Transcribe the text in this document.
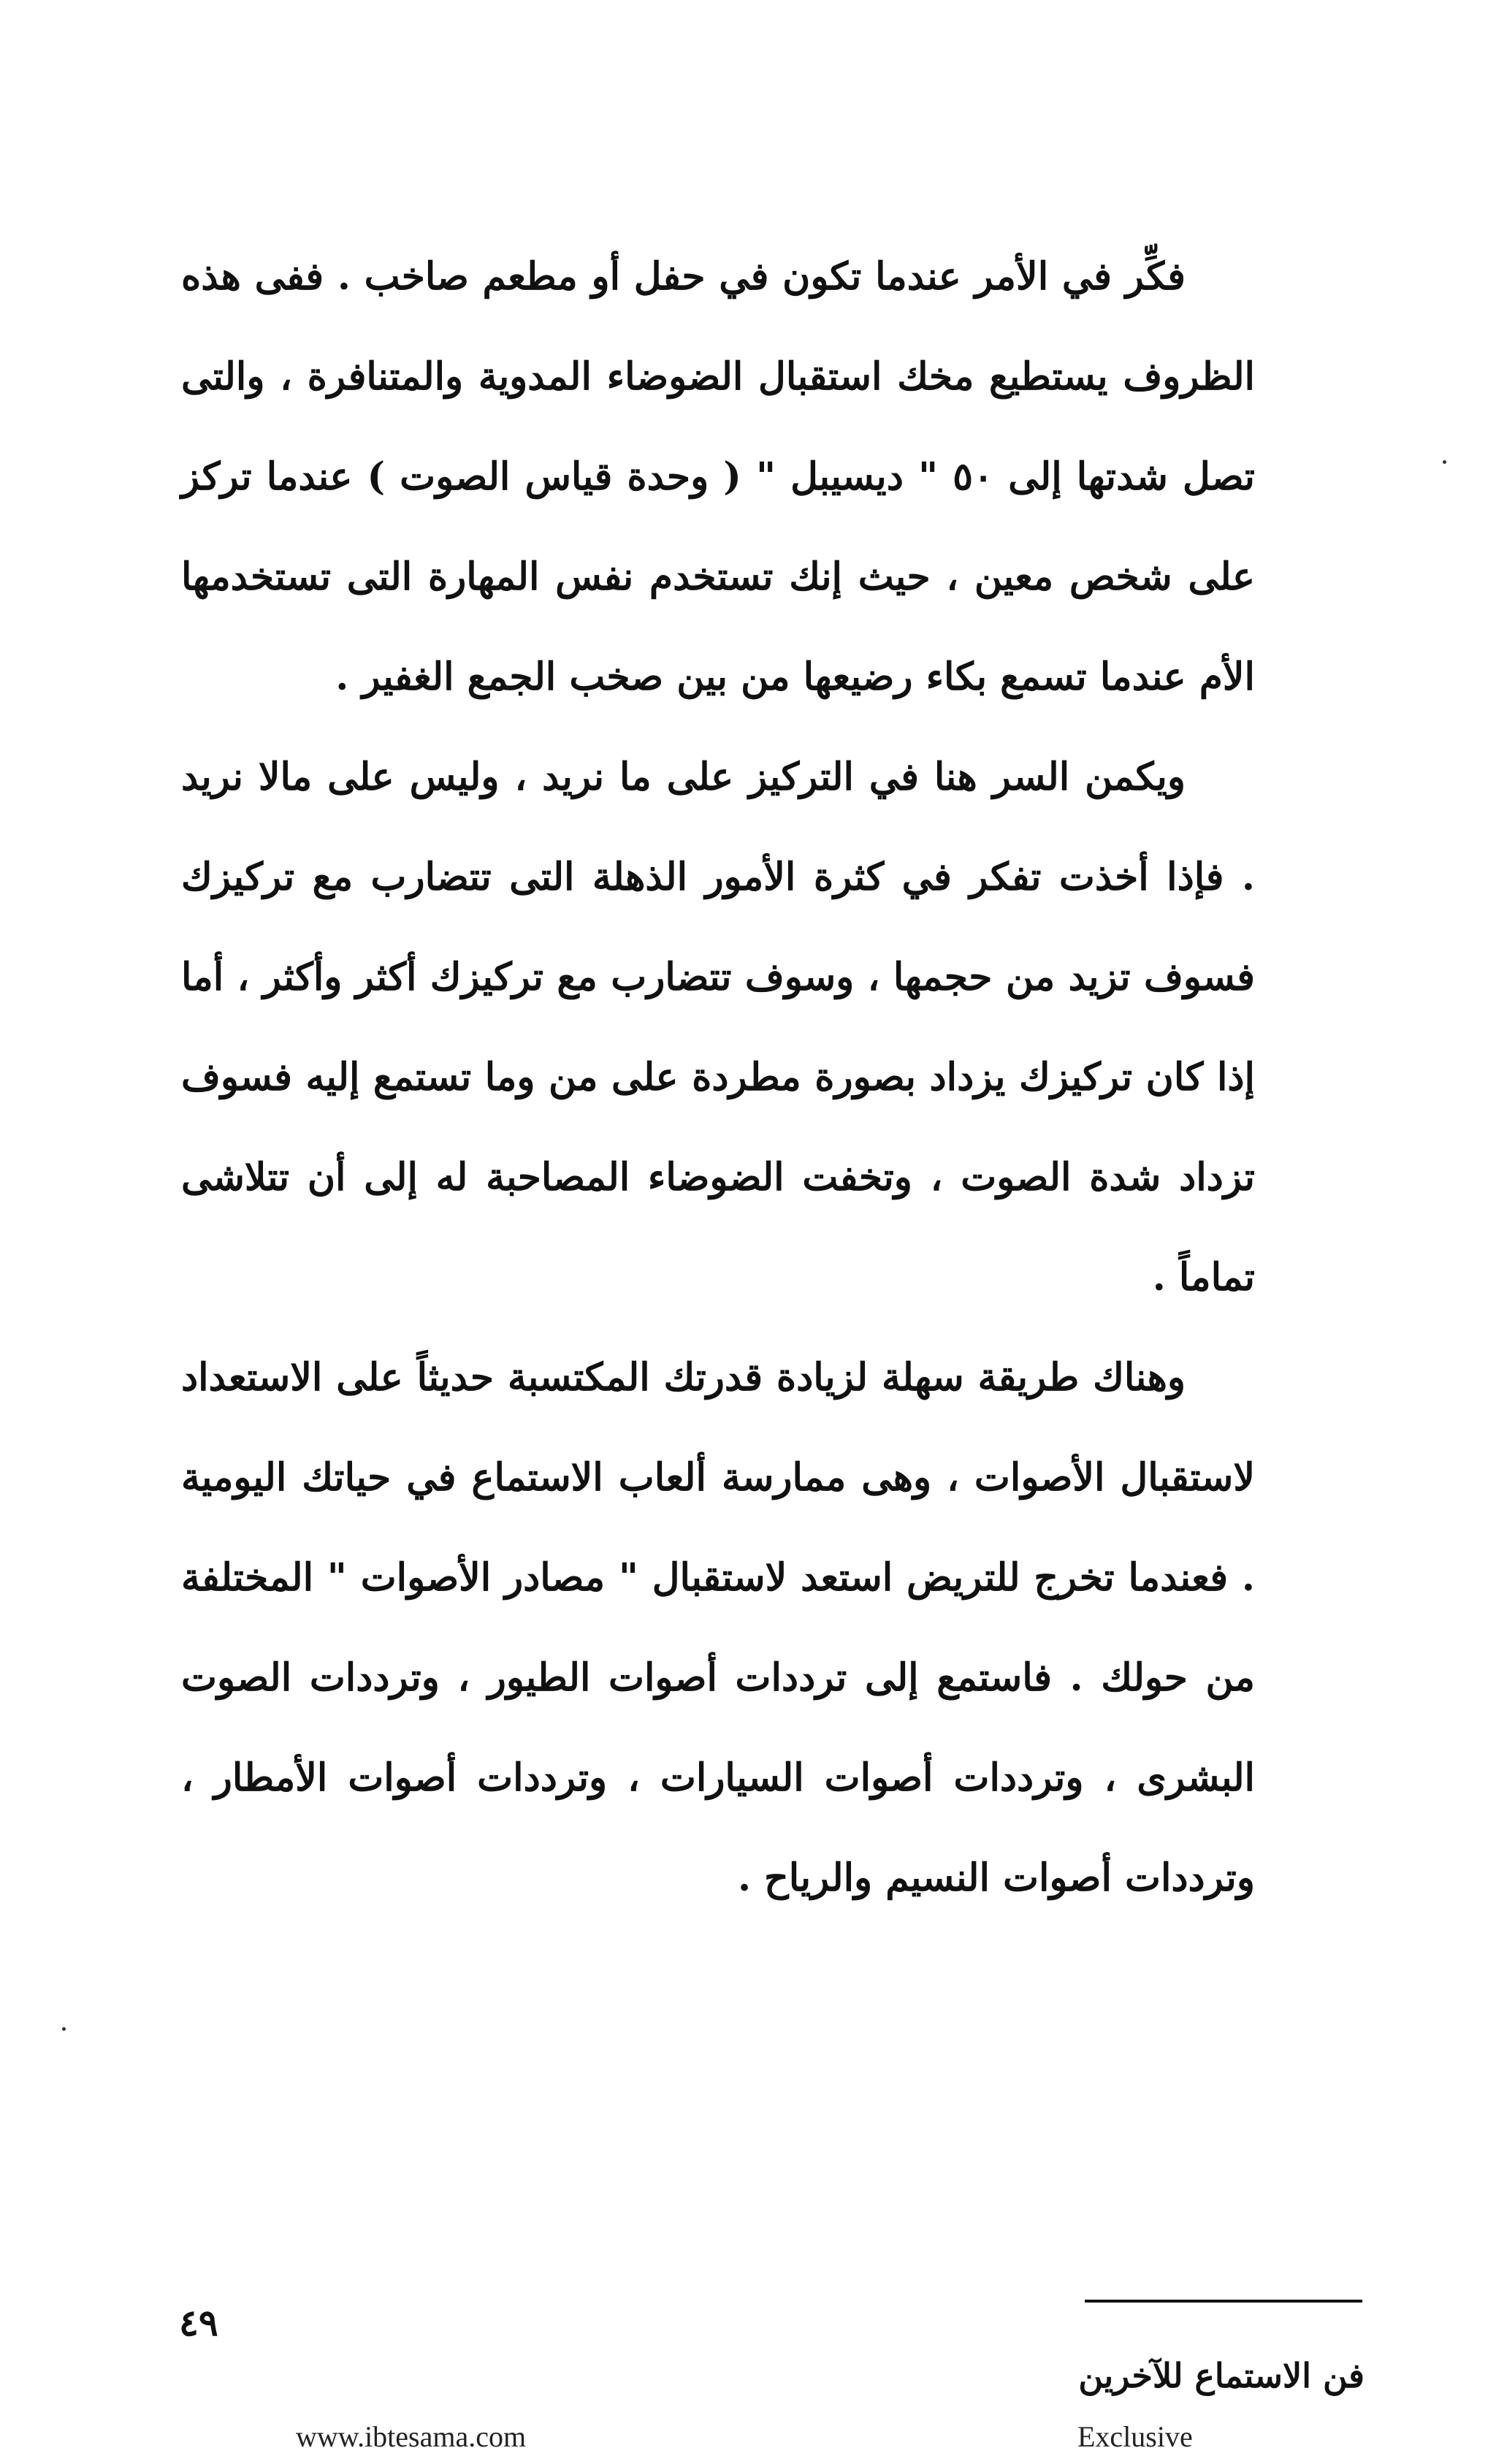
فكِّر في الأمر عندما تكون في حفل أو مطعم صاخب . ففى هذه الظروف يستطيع مخك استقبال الضوضاء المدوية والمتنافرة ، والتى تصل شدتها إلى ٥٠ " ديسيبل " ( وحدة قياس الصوت ) عندما تركز على شخص معين ، حيث إنك تستخدم نفس المهارة التى تستخدمها الأم عندما تسمع بكاء رضيعها من بين صخب الجمع الغفير .

ويكمن السر هنا في التركيز على ما نريد ، وليس على مالا نريد . فإذا أخذت تفكر في كثرة الأمور الذهلة التى تتضارب مع تركيزك فسوف تزيد من حجمها ، وسوف تتضارب مع تركيزك أكثر وأكثر ، أما إذا كان تركيزك يزداد بصورة مطردة على من وما تستمع إليه فسوف تزداد شدة الصوت ، وتخفت الضوضاء المصاحبة له إلى أن تتلاشى تماماً .

وهناك طريقة سهلة لزيادة قدرتك المكتسبة حديثاً على الاستعداد لاستقبال الأصوات ، وهى ممارسة ألعاب الاستماع في حياتك اليومية . فعندما تخرج للتريض استعد لاستقبال " مصادر الأصوات " المختلفة من حولك . فاستمع إلى ترددات أصوات الطيور ، وترددات الصوت البشرى ، وترددات أصوات السيارات ، وترددات أصوات الأمطار ، وترددات أصوات النسيم والرياح .

٤٩
فن الاستماع للآخرين
www.ibtesama.com	Exclusive
